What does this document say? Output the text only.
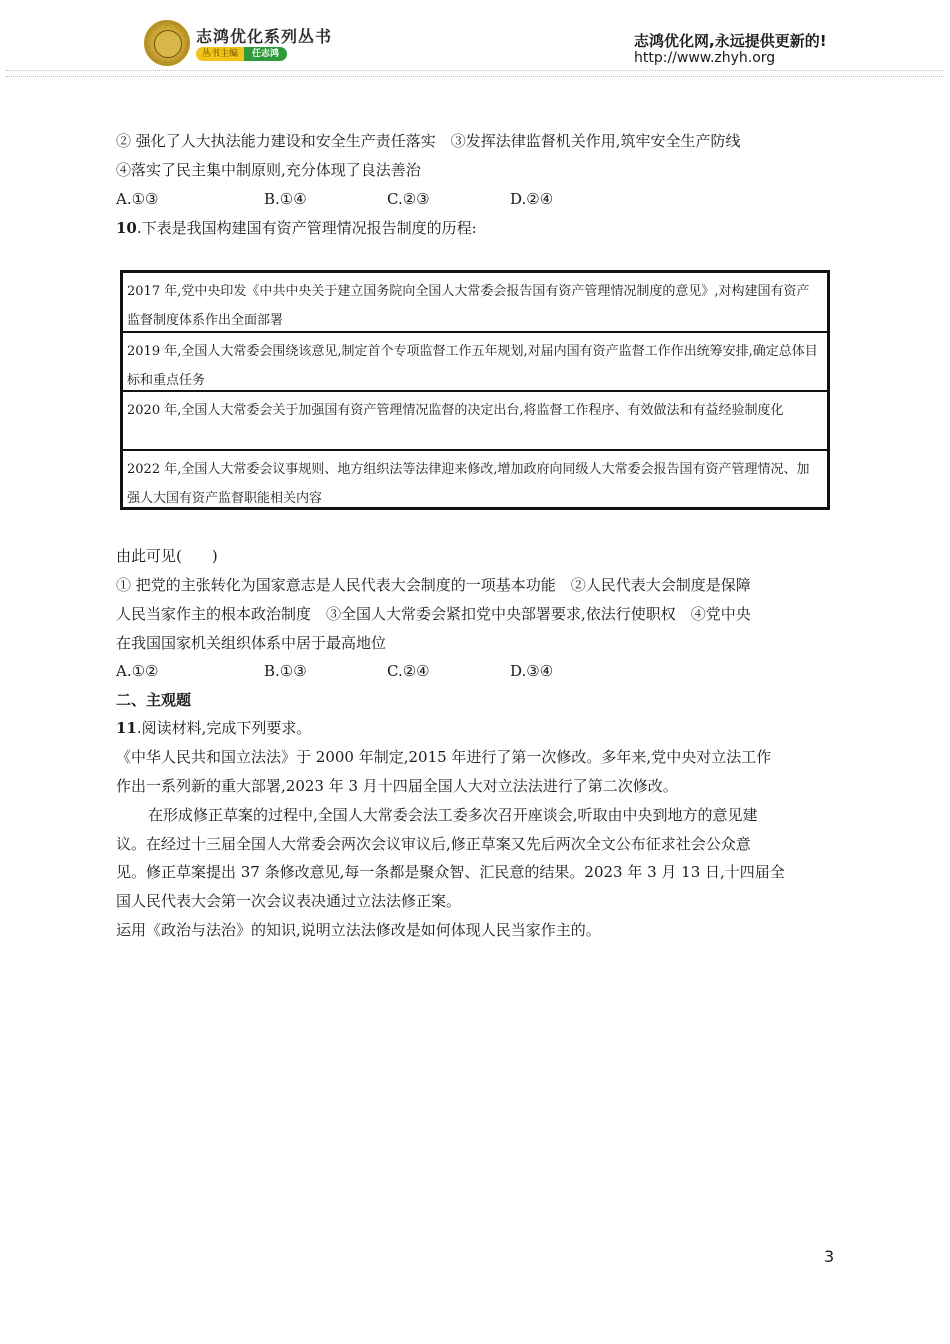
志鸿优化系列丛书
丛书主编	任志鸿
志鸿优化网,永远提供更新的!
http://www.zhyh.org
② 强化了人大执法能力建设和安全生产责任落实　③发挥法律监督机关作用,筑牢安全生产防线
④落实了民主集中制原则,充分体现了良法善治
A.①③	B.①④	C.②③	D.②④
10.下表是我国构建国有资产管理情况报告制度的历程:
2017 年,党中央印发《中共中央关于建立国务院向全国人大常委会报告国有资产管理情况制度的意见》,对构建国有资产监督制度体系作出全面部署
2019 年,全国人大常委会围绕该意见,制定首个专项监督工作五年规划,对届内国有资产监督工作作出统筹安排,确定总体目标和重点任务
2020 年,全国人大常委会关于加强国有资产管理情况监督的决定出台,将监督工作程序、有效做法和有益经验制度化
2022 年,全国人大常委会议事规则、地方组织法等法律迎来修改,增加政府向同级人大常委会报告国有资产管理情况、加强人大国有资产监督职能相关内容
由此可见(　　)
① 把党的主张转化为国家意志是人民代表大会制度的一项基本功能　②人民代表大会制度是保障
人民当家作主的根本政治制度　③全国人大常委会紧扣党中央部署要求,依法行使职权　④党中央
在我国国家机关组织体系中居于最高地位
A.①②	B.①③	C.②④	D.③④
二、主观题
11.阅读材料,完成下列要求。
《中华人民共和国立法法》于 2000 年制定,2015 年进行了第一次修改。多年来,党中央对立法工作
作出一系列新的重大部署,2023 年 3 月十四届全国人大对立法法进行了第二次修改。
在形成修正草案的过程中,全国人大常委会法工委多次召开座谈会,听取由中央到地方的意见建
议。在经过十三届全国人大常委会两次会议审议后,修正草案又先后两次全文公布征求社会公众意
见。修正草案提出 37 条修改意见,每一条都是聚众智、汇民意的结果。2023 年 3 月 13 日,十四届全
国人民代表大会第一次会议表决通过立法法修正案。
运用《政治与法治》的知识,说明立法法修改是如何体现人民当家作主的。
3
